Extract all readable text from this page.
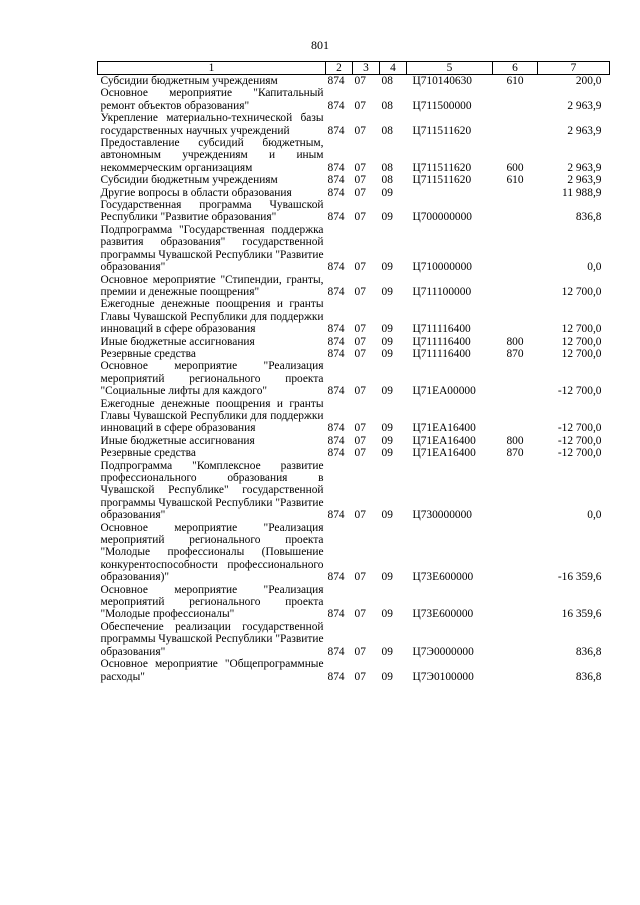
801
1	2	3	4	5	6	7
Субсидии бюджетным учреждениям	874	07	08	Ц710140630	610	200,0
Основное мероприятие "Капитальный ремонт объектов образования"	874	07	08	Ц711500000		2 963,9
Укрепление материально-технической базы государственных научных учреждений	874	07	08	Ц711511620		2 963,9
Предоставление субсидий бюджетным, автономным учреждениям и иным некоммерческим организациям	874	07	08	Ц711511620	600	2 963,9
Субсидии бюджетным учреждениям	874	07	08	Ц711511620	610	2 963,9
Другие вопросы в области образования	874	07	09			11 988,9
Государственная программа Чувашской Республики "Развитие образования"	874	07	09	Ц700000000		836,8
Подпрограмма "Государственная поддержка развития образования" государственной программы Чувашской Республики "Развитие образования"	874	07	09	Ц710000000		0,0
Основное мероприятие "Стипендии, гранты, премии и денежные поощрения"	874	07	09	Ц711100000		12 700,0
Ежегодные денежные поощрения и гранты Главы Чувашской Республики для поддержки инноваций в сфере образования	874	07	09	Ц711116400		12 700,0
Иные бюджетные ассигнования	874	07	09	Ц711116400	800	12 700,0
Резервные средства	874	07	09	Ц711116400	870	12 700,0
Основное мероприятие "Реализация мероприятий регионального проекта "Социальные лифты для каждого"	874	07	09	Ц71ЕА00000		-12 700,0
Ежегодные денежные поощрения и гранты Главы Чувашской Республики для поддержки инноваций в сфере образования	874	07	09	Ц71ЕА16400		-12 700,0
Иные бюджетные ассигнования	874	07	09	Ц71ЕА16400	800	-12 700,0
Резервные средства	874	07	09	Ц71ЕА16400	870	-12 700,0
Подпрограмма "Комплексное развитие профессионального образования в Чувашской Республике" государственной программы Чувашской Республики "Развитие образования"	874	07	09	Ц730000000		0,0
Основное мероприятие "Реализация мероприятий регионального проекта "Молодые профессионалы (Повышение конкурентоспособности профессионального образования)"	874	07	09	Ц73Е600000		-16 359,6
Основное мероприятие "Реализация мероприятий регионального проекта "Молодые профессионалы"	874	07	09	Ц73Е600000		16 359,6
Обеспечение реализации государственной программы Чувашской Республики "Развитие образования"	874	07	09	Ц7Э0000000		836,8
Основное мероприятие "Общепрограммные расходы"	874	07	09	Ц7Э0100000		836,8
